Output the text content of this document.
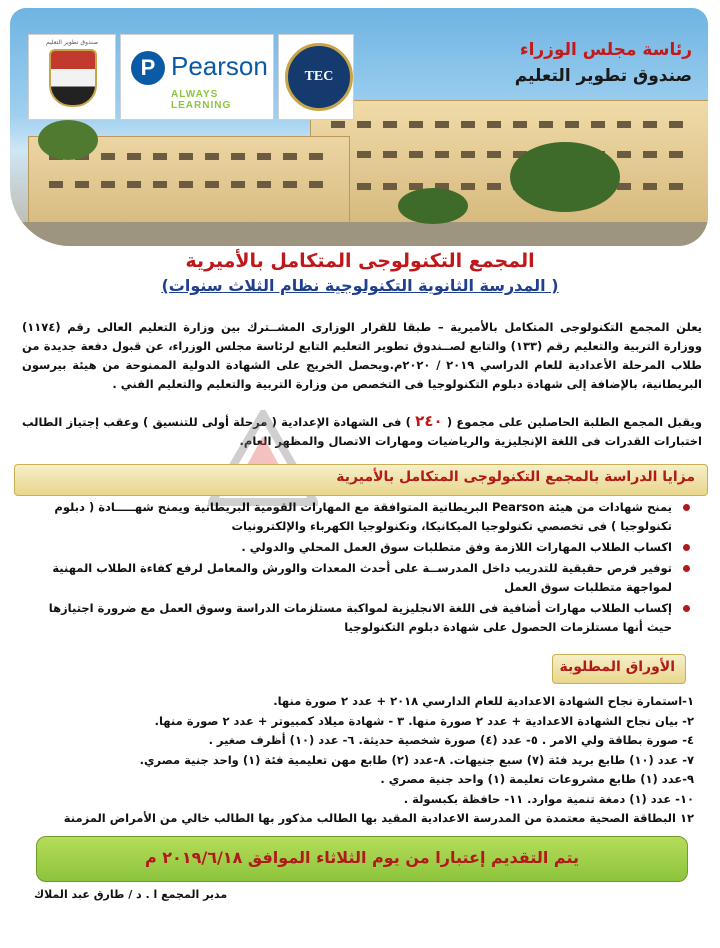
صندوق تطوير التعليم
P Pearson
ALWAYS LEARNING
TEC
رئاسة مجلس الوزراء
صندوق تطوير التعليم
المجمع التكنولوجى المتكامل بالأميرية
( المدرسة الثانوية التكنولوجية نظام الثلاث سنوات)
يعلن المجمع التكنولوجى المتكامل بالأميرية – طبقا للقرار الوزارى المشــترك بين وزارة التعليم العالى رقم (١١٧٤) ووزارة التربية والتعليم رقم (١٣٣) والتابع لصــندوق تطوير التعليم التابع لرئاسة مجلس الوزراء، عن قبول دفعة جديدة من طلاب المرحلة الأعدادية للعام الدراسي ٢٠١٩ / ٢٠٢٠م.ويحصل الخريج على الشهادة الدولية الممنوحة من هيئة بيرسون البريطانية، بالإضافة إلى شهادة دبلوم التكنولوجيا فى التخصص من وزارة التربية والتعليم والتعليم الفني .
ويقبل المجمع الطلبة الحاصلين على مجموع ( ٢٤٠ ) فى الشهادة الإعدادية ( مرحلة أولى للتنسيق ) وعقب إجتياز الطالب اختبارات القدرات فى اللغة الإنجليزية والرياضيات ومهارات الاتصال والمظهر العام.
مزايا الدراسة بالمجمع التكنولوجى المتكامل بالأميرية
يمنح شهادات من هيئة Pearson البريطانية المتوافقة مع المهارات القومية البريطانية ويمنح شهـــــادة ( دبلوم تكنولوجيا ) فى تخصصي تكنولوجيا الميكانيكا، وتكنولوجيا الكهرباء والإلكترونيات
اكساب الطلاب المهارات اللازمة وفق متطلبات سوق العمل المحلي والدولي .
توفير فرص حقيقية للتدريب داخل المدرســة على أحدث المعدات والورش والمعامل لرفع كفاءة الطلاب المهنية لمواجهة متطلبات سوق العمل
إكساب الطلاب مهارات أضافية فى اللغة الانجليزية لمواكبة مستلزمات الدراسة وسوق العمل مع ضرورة اجتيازها حيث أنها مستلزمات الحصول على شهادة دبلوم التكنولوجيا
الأوراق المطلوبة
١-استمارة نجاح الشهادة الاعدادية للعام الدارسي ٢٠١٨ + عدد ٢ صورة منها.
٢- بيان نجاح الشهادة الاعدادية + عدد ٢ صورة منها. ٣ - شهادة ميلاد كمبيوتر + عدد ٢ صورة منها.
٤- صورة بطاقة ولي الامر . ٥- عدد (٤) صورة شخصية حديثة. ٦- عدد (١٠) أظرف صغير .
٧- عدد (١٠) طابع بريد فئة (٧) سبع جنيهات. ٨-عدد (٢) طابع مهن تعليمية فئة (١) واحد جنية مصري.
٩-عدد (١) طابع مشروعات تعليمة (١) واحد جنية مصري .
١٠- عدد (١) دمغة تنمية موارد. ١١- حافظة بكبسولة .
١٢ البطاقة الصحية معتمدة من المدرسة الاعدادية المقيد بها الطالب مذكور بها الطالب خالي من الأمراض المزمنة
يتم التقديم إعتبارا من يوم الثلاثاء الموافق ٢٠١٩/٦/١٨ م
مدير المجمع ا . د / طارق عبد الملاك
